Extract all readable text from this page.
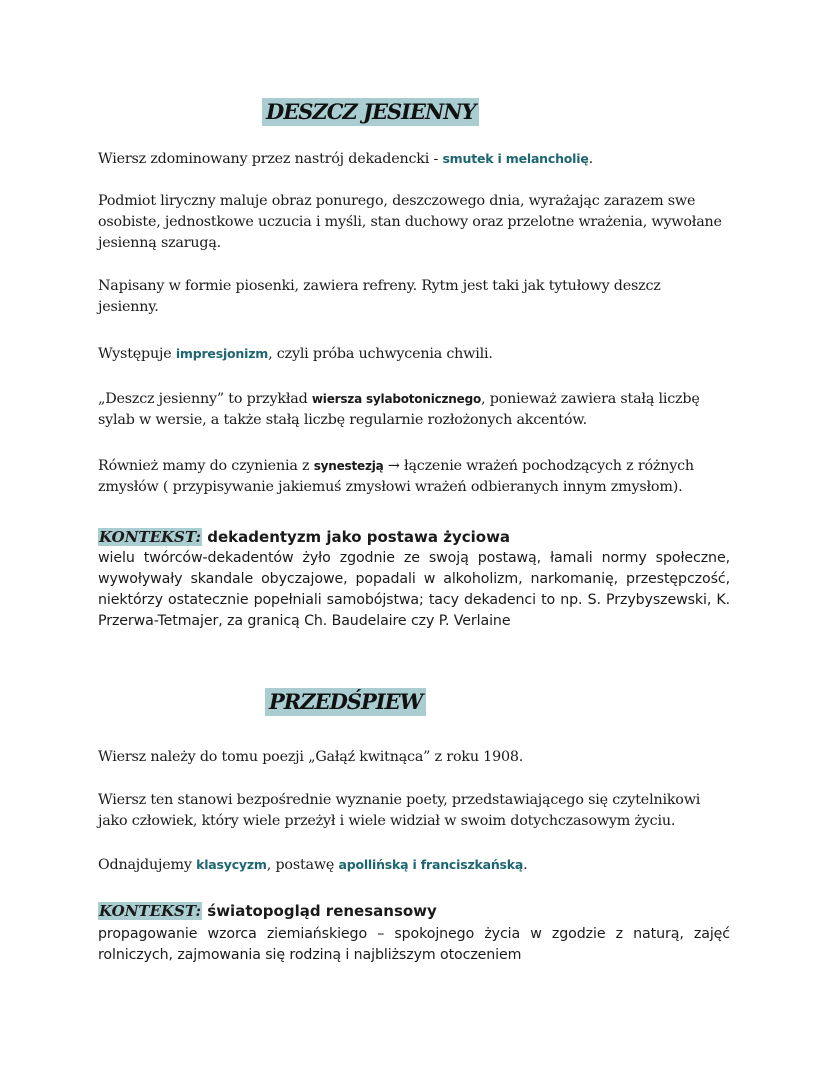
DESZCZ JESIENNY
Wiersz zdominowany przez nastrój dekadencki - smutek i melancholię.
Podmiot liryczny maluje obraz ponurego, deszczowego dnia, wyrażając zarazem swe osobiste, jednostkowe uczucia i myśli, stan duchowy oraz przelotne wrażenia, wywołane jesienną szarugą.
Napisany w formie piosenki, zawiera refreny. Rytm jest taki jak tytułowy deszcz jesienny.
Występuje impresjonizm, czyli próba uchwycenia chwili.
„Deszcz jesienny” to przykład wiersza sylabotonicznego, ponieważ zawiera stałą liczbę sylab w wersie, a także stałą liczbę regularnie rozłożonych akcentów.
Również mamy do czynienia z synestezją → łączenie wrażeń pochodzących z różnych zmysłów ( przypisywanie jakiemuś zmysłowi wrażeń odbieranych innym zmysłom).
KONTEKST: dekadentyzm jako postawa życiowa
wielu twórców-dekadentów żyło zgodnie ze swoją postawą, łamali normy społeczne, wywoływały skandale obyczajowe, popadali w alkoholizm, narkomanię, przestępczość, niektórzy ostatecznie popełniali samobójstwa; tacy dekadenci to np. S. Przybyszewski, K. Przerwa-Tetmajer, za granicą Ch. Baudelaire czy P. Verlaine
PRZEDŚPIEW
Wiersz należy do tomu poezji „Gałąź kwitnąca” z roku 1908.
Wiersz ten stanowi bezpośrednie wyznanie poety, przedstawiającego się czytelnikowi jako człowiek, który wiele przeżył i wiele widział w swoim dotychczasowym życiu.
Odnajdujemy klasycyzm, postawę apollińską i franciszkańską.
KONTEKST: światopogląd renesansowy
propagowanie wzorca ziemiańskiego – spokojnego życia w zgodzie z naturą, zajęć rolniczych, zajmowania się rodziną i najbliższym otoczeniem
